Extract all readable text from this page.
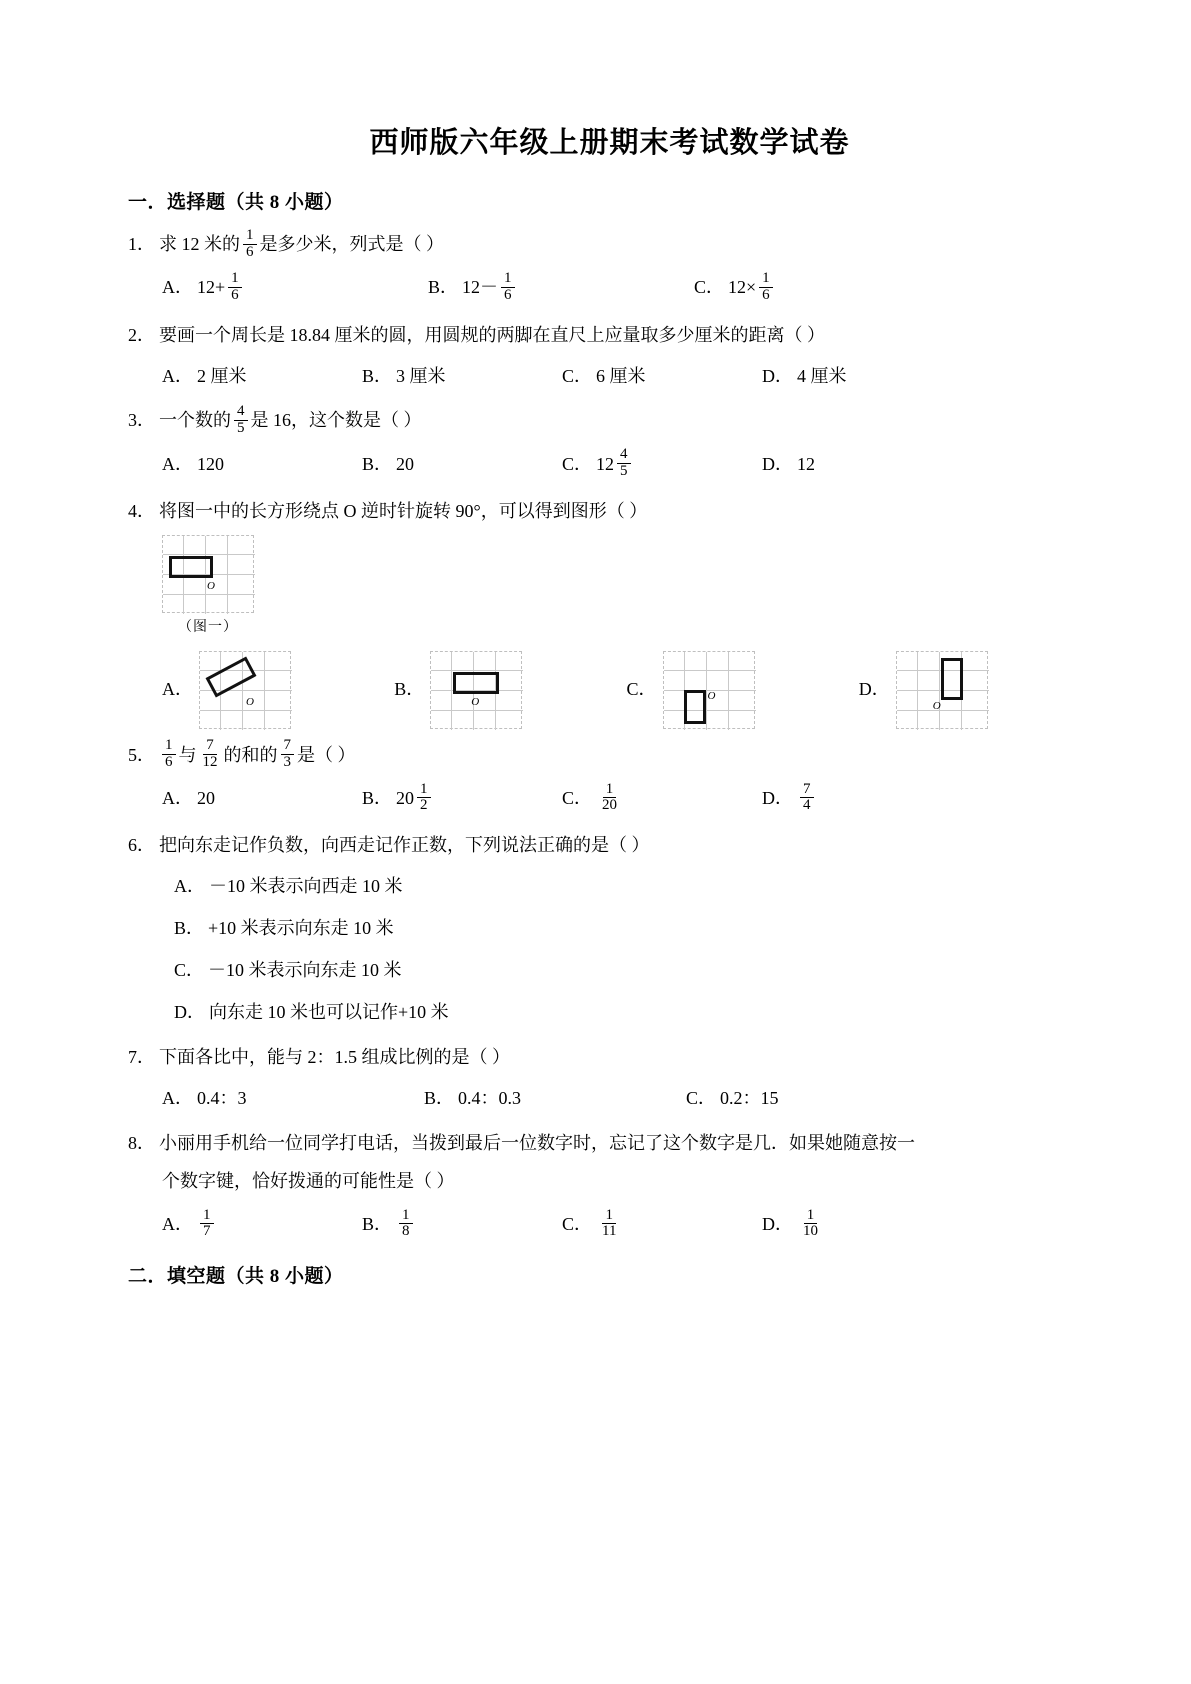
西师版六年级上册期末考试数学试卷
一．选择题（共 8 小题）
1． 求 12 米的 $\frac{1}{6}$ 是多少米，列式是（ ）
A． $12+ \frac{1}{6}$	B． $12- \frac{1}{6}$	C． $12\times \frac{1}{6}$
2． 要画一个周长是 18.84 厘米的圆，用圆规的两脚在直尺上应量取多少厘米的距离（ ）
A． 2 厘米	B． 3 厘米	C． 6 厘米	D． 4 厘米
3． 一个数的 $\frac{4}{5}$ 是 16，这个数是（ ）
A． 120	B． 20	C． $12 \frac{4}{5}$	D． 12
4． 将图一中的长方形绕点 O 逆时针旋转 90°，可以得到图形（ ）
O
（图一）
A．
O
B．
O
C．	O	D．
O
5． $\frac{1}{6}$ 与 $\frac{7}{12}$ 的和的 $\frac{7}{3}$ 是（ ）
A． 20	B． $20 \frac{1}{2}$	C． $\frac{1}{20}$	D． $\frac{7}{4}$
6． 把向东走记作负数，向西走记作正数，下列说法正确的是（ ）
A． －10 米表示向西走 10 米
B． +10 米表示向东走 10 米
C． －10 米表示向东走 10 米
D． 向东走 10 米也可以记作+10 米
7． 下面各比中，能与 2：1.5 组成比例的是（ ）
A． 0.4：3	B． 0.4：0.3	C． 0.2：15
8． 小丽用手机给一位同学打电话，当拨到最后一位数字时，忘记了这个数字是几．如果她随意按一
个数字键，恰好拨通的可能性是（ ）
A． $\frac{1}{7}$	B． $\frac{1}{8}$	C． $\frac{1}{11}$	D． $\frac{1}{10}$
二．填空题（共 8 小题）
